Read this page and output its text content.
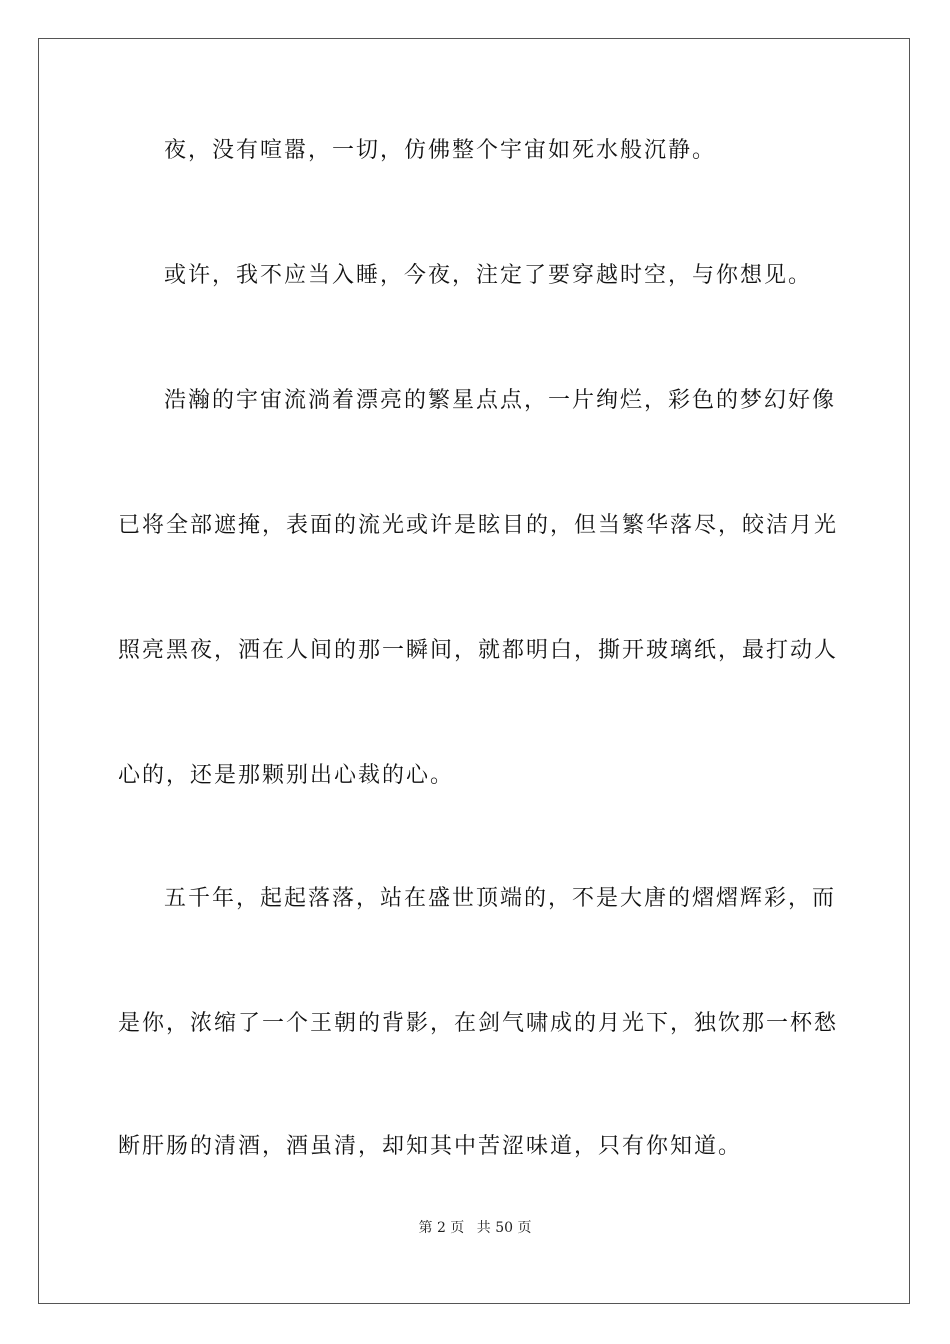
夜，没有喧嚣，一切，仿佛整个宇宙如死水般沉静。
或许，我不应当入睡，今夜，注定了要穿越时空，与你想见。
浩瀚的宇宙流淌着漂亮的繁星点点，一片绚烂，彩色的梦幻好像
已将全部遮掩，表面的流光或许是眩目的，但当繁华落尽，皎洁月光
照亮黑夜，洒在人间的那一瞬间，就都明白，撕开玻璃纸，最打动人
心的，还是那颗别出心裁的心。
五千年，起起落落，站在盛世顶端的，不是大唐的熠熠辉彩，而
是你，浓缩了一个王朝的背影，在剑气啸成的月光下，独饮那一杯愁
断肝肠的清酒，酒虽清，却知其中苦涩味道，只有你知道。
第 2 页 共 50 页
